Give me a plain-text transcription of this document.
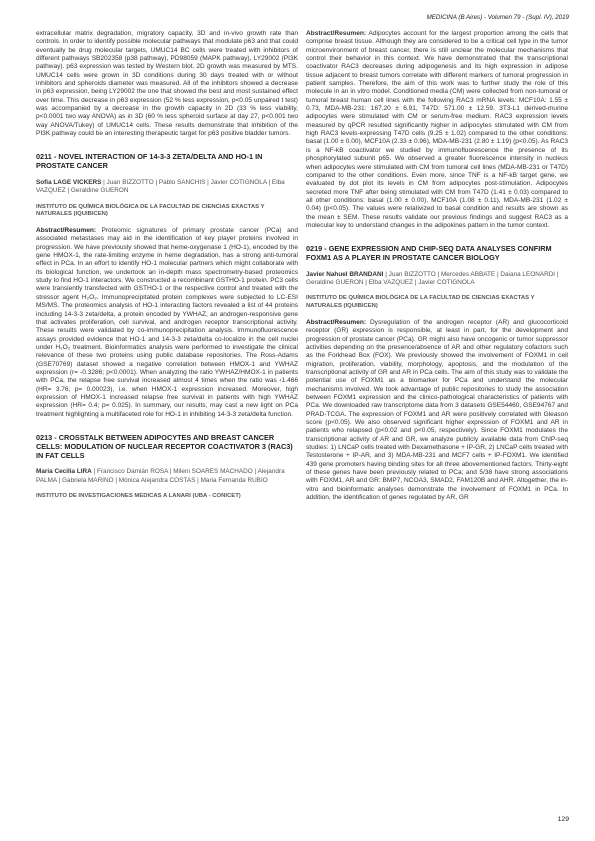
MEDICINA (B Aires) - Volumen 79 - (Supl. IV), 2019

extracellular matrix degradation, migratory capacity, 3D and in-vivo growth rate than controls. In order to identify possible molecular pathways that modulate p63 and that could eventually be drug molecular targets, UMUC14 BC cells were treated with inhibitors of different pathways SB202358 (p38 pathway), PD98059 (MAPK pathway), LY29002 (PI3K pathway). p63 expression was tested by Western blot. 2D growth was measured by MTS. UMUC14 cells were grown in 3D conditions during 30 days treated with or without inhibitors and spheroids diameter was measured. All of the inhibitors showed a decrease in p63 expression, being LY29002 the one that showed the best and most sustained effect over time. This decrease in p63 expression (52 % less expression, p<0.05 unpaired t test) was accompanied by a decrease in the growth capacity in 2D (33 % less viability, p<0.0001 two way ANOVA) as in 3D (60 % less spheroid surface at day 27, p<0.001 two way ANOVA/Tukey) of UMUC14 cells. These results demonstrate that inhibition of the PI3K pathway could be an interesting therapeutic target for p63 positive bladder tumors.

0211 - NOVEL INTERACTION OF 14-3-3 ZETA/DELTA AND HO-1 IN PROSTATE CANCER
Sofia LAGE VICKERS | Juan BIZZOTTO | Pablo SANCHIS | Javier COTIGNOLA | Elba VAZQUEZ | Geraldine GUERON
INSTITUTO DE QUÍMICA BIOLÓGICA DE LA FACULTAD DE CIENCIAS EXACTAS Y NATURALES (IQUIBICEN)

Abstract/Resumen: Proteomic signatures of primary prostate cancer (PCa) and associated metastases may aid in the identification of key player proteins involved in progression. We have previously showed that heme-oxygenase 1 (HO-1), encoded by the gene HMOX-1, the rate-limiting enzyme in heme degradation, has a strong anti-tumoral effect in PCa. In an effort to identify HO-1 molecular partners which might collaborate with its biological function, we undertook an in-depth mass spectrometry-based proteomics study to find HO-1 interactors. We constructed a recombinant GSTHO-1 protein. PC3 cells were transiently transfected with GSTHO-1 or the respective control and treated with the stressor agent H₂O₂. Immunoprecipitated protein complexes were subjected to LC-ESI MS/MS. The proteomics analysis of HO-1 interacting factors revealed a list of 44 proteins including 14-3-3 zeta/delta, a protein encoded by YWHAZ, an androgen-responsive gene that activates proliferation, cell survival, and androgen receptor transcriptional activity. These results were validated by co-immunoprecipitation analysis. Immunofluorescence assays provided evidence that HO-1 and 14-3-3 zeta/delta co-localize in the cell nuclei under H₂O₂ treatment. Bioinformatics analysis were performed to investigate the clinical relevance of these two proteins using public database repositories. The Ross-Adams (GSE70769) dataset showed a negative correlation between HMOX-1 and YWHAZ expression (r= -0.3286; p<0.0001). When analyzing the ratio YWHAZ/HMOX-1 in patients with PCa, the relapse free survival increased almost 4 times when the ratio was ‹1.466 (HR= 3.76; p= 0.00023), i.e. when HMOX-1 expression increased. Moreover, high expression of HMOX-1 increased relapse free survival in patients with high YWHAZ expression (HR= 0.4; p= 0.025). In summary, our results, may cast a new light on PCa treatment highlighting a multifaceted role for HO-1 in inhibiting 14-3-3 zeta/delta function.

0213 - CROSSTALK BETWEEN ADIPOCYTES AND BREAST CANCER CELLS: MODULATION OF NUCLEAR RECEPTOR COACTIVATOR 3 (RAC3) IN FAT CELLS
Maria Cecilia LIRA | Francisco Damián ROSA | Mileni SOARES MACHADO | Alejandra PALMA | Gabriela MARINO | Mónica Alejandra COSTAS | Maria Fernanda RUBIO
INSTITUTO DE INVESTIGACIONES MEDICAS A LANARI (UBA - CONICET)

Abstract/Resumen: Adipocytes account for the largest proportion among the cells that comprise breast tissue. Although they are considered to be a critical cell type in the tumor microenvironment of breast cancer, there is still unclear the molecular mechanisms that control their behavior in this context. We have demonstrated that the transcriptional coactivator RAC3 decreases during adipogenesis and its high expression in adipose tissue adjacent to breast tumors correlate with different markers of tumoral progression in patient samples. Therefore, the aim of this work was to further study the role of this molecule in an in vitro model. Conditioned media (CM) were collected from non-tumoral or tumoral breast human cell lines with the following RAC3 mRNA levels: MCF10A: 1.55 ± 0.73, MDA-MB-231: 167.20 ± 6.91, T47D: 571.00 ± 12.59. 3T3-L1 derived-murine adipocytes were stimulated with CM or serum-free medium. RAC3 expression levels measured by qPCR resulted significantly higher in adipocytes stimulated with CM from high RAC3 levels-expressing T47D cells (9.25 ± 1.02) compared to the other conditions: basal (1.00 ± 0.00), MCF10A (2.33 ± 0.96), MDA-MB-231 (2.80 ± 1.19) (p<0.05). As RAC3 is a NF-kB coactivator we studied by immunofluorescence the presence of its phosphorylated subunit p65. We observed a greater fluorescence intensity in nucleus when adipocytes were stimulated with CM from tumoral cell lines (MDA-MB-231 or T47D) compared to the other conditions. Even more, since TNF is a NF-kB target gene, we evaluated by dot plot its levels in CM from adipocytes post-stimulation. Adipocytes secreted more TNF after being stimulated with CM from T47D (1.41 ± 0.03) compared to all other conditions: basal (1.00 ± 0.00), MCF10A (1.08 ± 0.11), MDA-MB-231 (1.02 ± 0.04) (p<0.05). The values were relativized to basal condition and results are shown as the mean ± SEM. These results validate our previous findings and suggest RAC3 as a molecular key to understand changes in the adipokines pattern in the tumor context.

0219 - GENE EXPRESSION AND CHIP-SEQ DATA ANALYSES CONFIRM FOXM1 AS A PLAYER IN PROSTATE CANCER BIOLOGY
Javier Nahuel BRANDANI | Juan BIZZOTTO | Mercedes ABBATE | Daiana LEONARDI | Geraldine GUERON | Elba VAZQUEZ | Javier COTIGNOLA
INSTITUTO DE QUÍMICA BIOLÓGICA DE LA FACULTAD DE CIENCIAS EXACTAS Y NATURALES (IQUIBICEN)

Abstract/Resumen: Dysregulation of the androgen receptor (AR) and glucocorticoid receptor (GR) expression is responsible, at least in part, for the development and progression of prostate cancer (PCa). GR might also have oncogenic or tumor suppressor activities depending on the presence/absence of AR and other regulatory cofactors such as the Forkhead Box (FOX). We previously showed the involvement of FOXM1 in cell migration, proliferation, viability, morphology, apoptosis, and the modulation of the transcriptional activity of GR and AR in PCa cells. The aim of this study was to validate the potential use of FOXM1 as a biomarker for PCa and understand the molecular mechanisms involved. We took advantage of public repositories to study the association between FOXM1 expression and the clinico-pathological characteristics of patients with PCa. We downloaded raw transcriptome data from 3 datasets GSE54460, GSE94767 and PRAD-TCGA. The expression of FOXM1 and AR were positively correlated with Gleason score (p<0.05). We also observed significant higher expression of FOXM1 and AR in patients who relapsed (p<0.02 and p<0.05, respectively). Since FOXM1 modulates the transcriptional activity of AR and GR, we analyze publicly available data from ChIP-seq studies: 1) LNCaP cells treated with Dexamethasone + IP-GR, 2) LNCaP cells treated with Testosterone + IP-AR, and 3) MDA-MB-231 and MCF7 cells + IP-FOXM1. We identified 439 gene promoters having binding sites for all three abovementioned factors. Thirty-eight of these genes have been previously related to PCa; and 5/38 have strong associations with FOXM1, AR and GR: BMP7, NCOA3, SMAD2, FAM120B and AHR. Altogether, the in-vitro and bioinformatic analyses demonstrate the involvement of FOXM1 in PCa. In addition, the identification of genes regulated by AR, GR

129
